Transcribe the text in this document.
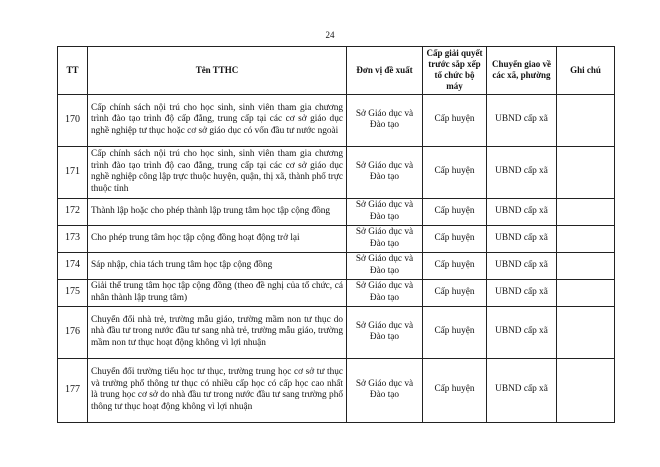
24
TT	Tên TTHC	Đơn vị đề xuất	Cấp giải quyết trước sắp xếp tổ chức bộ máy	Chuyển giao về các xã, phường	Ghi chú
170	Cấp chính sách nội trú cho học sinh, sinh viên tham gia chương trình đào tạo trình độ cấp đẳng, trung cấp tại các cơ sở giáo dục nghề nghiệp tư thục hoặc cơ sở giáo dục có vốn đầu tư nước ngoài	Sở Giáo dục và Đào tạo	Cấp huyện	UBND cấp xã	
171	Cấp chính sách nội trú cho học sinh, sinh viên tham gia chương trình đào tạo trình độ cao đẳng, trung cấp tại các cơ sở giáo dục nghề nghiệp công lập trực thuộc huyện, quận, thị xã, thành phố trực thuộc tỉnh	Sở Giáo dục và Đào tạo	Cấp huyện	UBND cấp xã	
172	Thành lập hoặc cho phép thành lập trung tâm học tập cộng đồng	Sở Giáo dục và Đào tạo	Cấp huyện	UBND cấp xã	
173	Cho phép trung tâm học tập cộng đồng hoạt động trở lại	Sở Giáo dục và Đào tạo	Cấp huyện	UBND cấp xã	
174	Sáp nhập, chia tách trung tâm học tập cộng đồng	Sở Giáo dục và Đào tạo	Cấp huyện	UBND cấp xã	
175	Giải thể trung tâm học tập cộng đồng (theo đề nghị của tổ chức, cá nhân thành lập trung tâm)	Sở Giáo dục và Đào tạo	Cấp huyện	UBND cấp xã	
176	Chuyển đổi nhà trẻ, trường mẫu giáo, trường mầm non tư thục do nhà đầu tư trong nước đầu tư sang nhà trẻ, trường mẫu giáo, trường mầm non tư thục hoạt động không vì lợi nhuận	Sở Giáo dục và Đào tạo	Cấp huyện	UBND cấp xã	
177	Chuyển đổi trường tiểu học tư thục, trường trung học cơ sở tư thục và trường phổ thông tư thục có nhiều cấp học có cấp học cao nhất là trung học cơ sở do nhà đầu tư trong nước đầu tư sang trường phổ thông tư thục hoạt động không vì lợi nhuận	Sở Giáo dục và Đào tạo	Cấp huyện	UBND cấp xã	
